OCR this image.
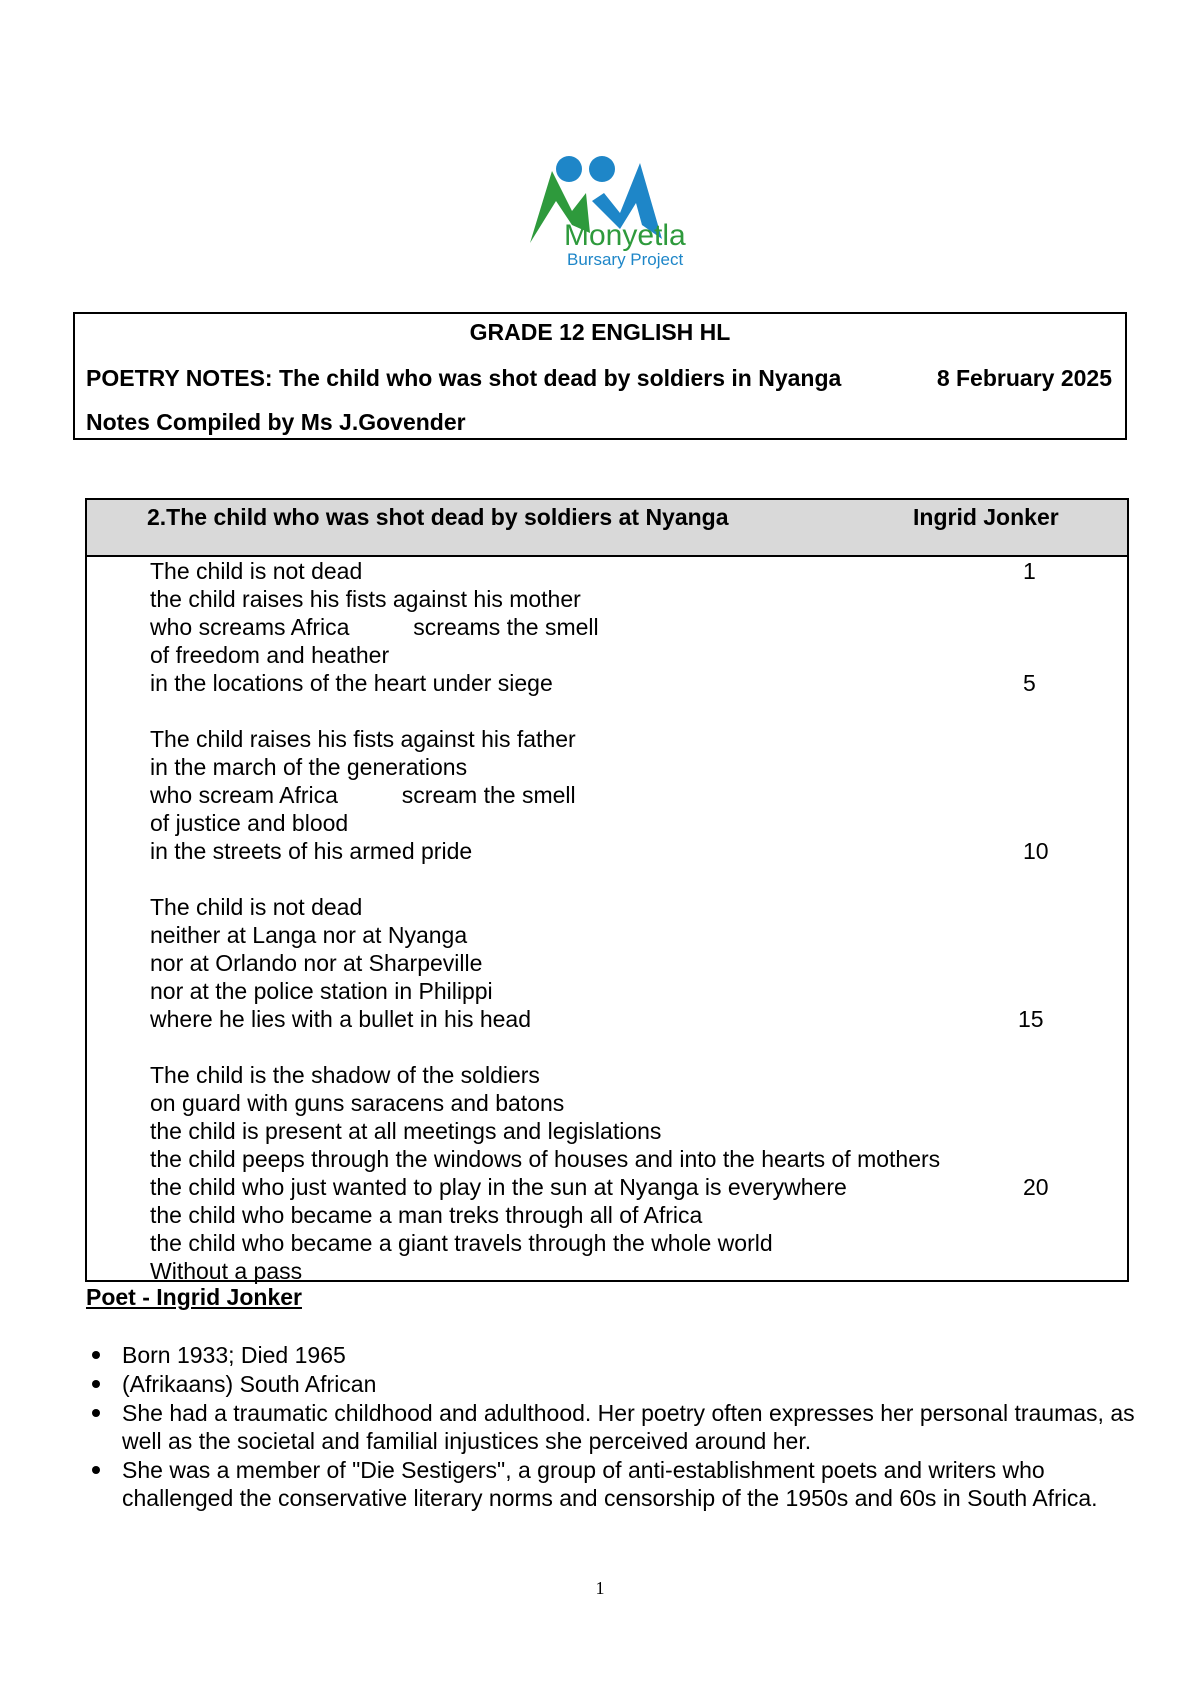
Monyetla
Bursary Project
GRADE 12 ENGLISH HL
POETRY NOTES: The child who was shot dead by soldiers in Nyanga	8 February 2025
Notes Compiled by Ms J.Govender
2.The child who was shot dead by soldiers at Nyanga	Ingrid Jonker
The child is not dead
the child raises his fists against his mother
who screams Africa          screams the smell
of freedom and heather
in the locations of the heart under siege
The child raises his fists against his father
in the march of the generations
who scream Africa          scream the smell
of justice and blood
in the streets of his armed pride
The child is not dead
neither at Langa nor at Nyanga
nor at Orlando nor at Sharpeville
nor at the police station in Philippi
where he lies with a bullet in his head
The child is the shadow of the soldiers
on guard with guns saracens and batons
the child is present at all meetings and legislations
the child peeps through the windows of houses and into the hearts of mothers
the child who just wanted to play in the sun at Nyanga is everywhere
the child who became a man treks through all of Africa
the child who became a giant travels through the whole world
Without a pass
1
5
10
15
20
Poet - Ingrid Jonker
Born 1933; Died 1965
(Afrikaans) South African
She had a traumatic childhood and adulthood. Her poetry often expresses her personal traumas, as well as the societal and familial injustices she perceived around her.
She was a member of "Die Sestigers", a group of anti-establishment poets and writers who challenged the conservative literary norms and censorship of the 1950s and 60s in South Africa.
1
